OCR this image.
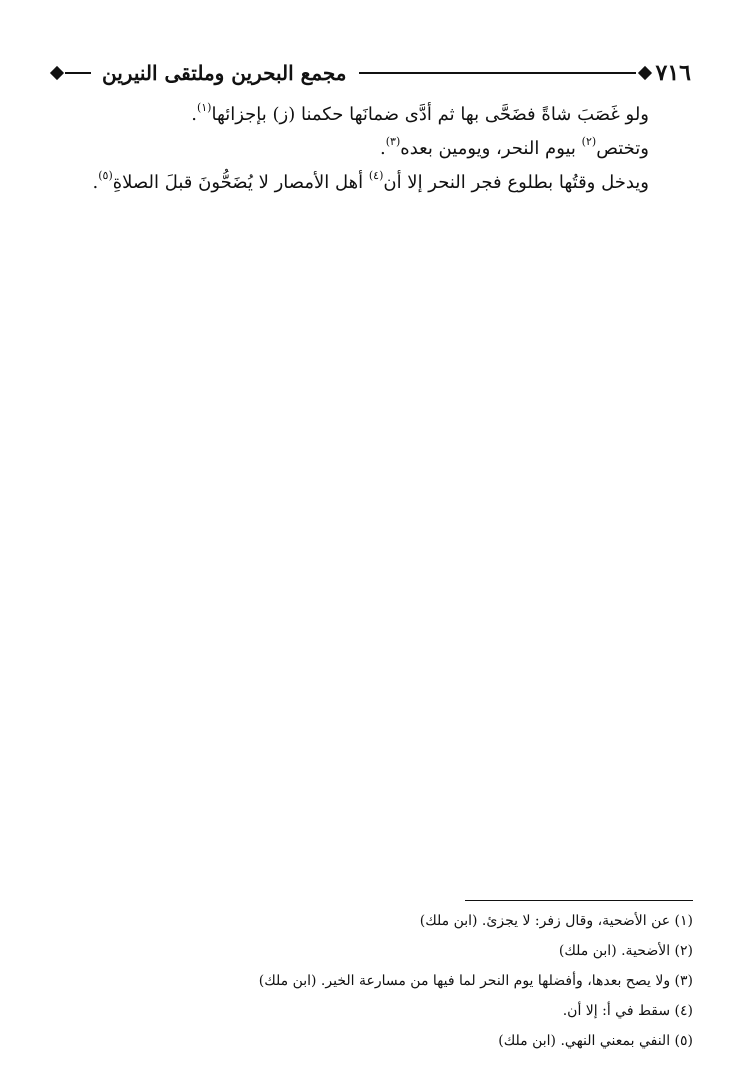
٧١٦
مجمع البحرين وملتقى النيرين
ولو غَصَبَ شاةً فضَحَّى بها ثم أدَّى ضمانَها حكمنا (ز) بإجزائها$^{(١)}$.
وتختص$^{(٢)}$ بيوم النحر، ويومين بعده$^{(٣)}$.
ويدخل وقتُها بطلوع فجر النحر إلا أن$^{(٤)}$ أهل الأمصار لا يُضَحُّونَ قبلَ الصلاةِ$^{(٥)}$.
(١) عن الأضحية، وقال زفر: لا يجزئ. (ابن ملك)
(٢) الأضحية. (ابن ملك)
(٣) ولا يصح بعدها، وأفضلها يوم النحر لما فيها من مسارعة الخير. (ابن ملك)
(٤) سقط في أ: إلا أن.
(٥) النفي بمعني النهي. (ابن ملك)
